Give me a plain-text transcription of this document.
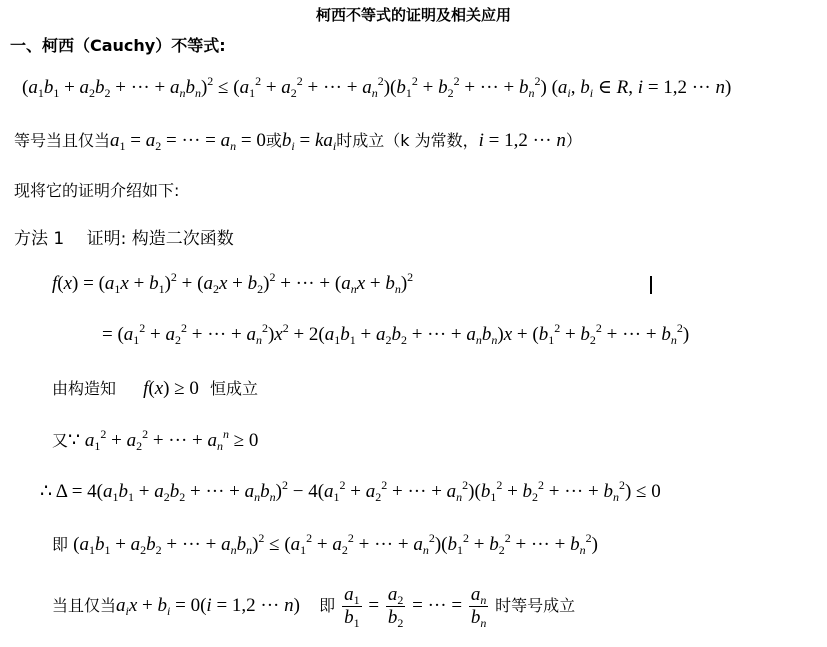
柯西不等式的证明及相关应用
一、柯西（Cauchy）不等式:
($a_1b_1 + a_2b_2$ + ··· + $a_nb_n)^2 \le (a_1^2 + a_2^2$ + ··· + $a_n^2)(b_1^2 + b_2^2$ + ··· + $b_n^2$) ($a_i$, $b_i$ ∈ R, i = 1,2 ··· n)
等号当且仅当$a_1 = a_2$ = ··· = $a_n = 0$或$b_i = ka_i$时成立（k 为常数，i = 1,2 ··· n）
现将它的证明介绍如下:
方法 1　 证明: 构造二次函数
$f(x) = (a_1x + b_1)^2 + (a_2x + b_2)^2$ + ··· + $(a_nx + b_n)^2$
= ($a_1^2 + a_2^2$ + ··· + $a_n^2)x^2 + 2(a_1b_1 + a_2b_2$ + ··· + $a_nb_n)x + (b_1^2 + b_2^2$ + ··· + $b_n^2$)
由构造知 f(x) ≥ 0 恒成立
又∵ $a_1^2 + a_2^2$ + ··· + $a_n^n \ge 0$
∴ $\Delta = 4(a_1b_1 + a_2b_2$ + ··· + $a_nb_n)^2 - 4(a_1^2 + a_2^2$ + ··· + $a_n^2)(b_1^2 + b_2^2$ + ··· + $b_n^2) \le 0$
即 ($a_1b_1 + a_2b_2$ + ··· + $a_nb_n)^2 \le (a_1^2 + a_2^2$ + ··· + $a_n^2)(b_1^2 + b_2^2$ + ··· + $b_n^2$)
当且仅当$a_ix + b_i = 0(i = 1,2$ ··· n) 即 $\frac{a_1}{b_1} = \frac{a_2}{b_2}$ = ··· = $\frac{a_n}{b_n}$ 时等号成立
